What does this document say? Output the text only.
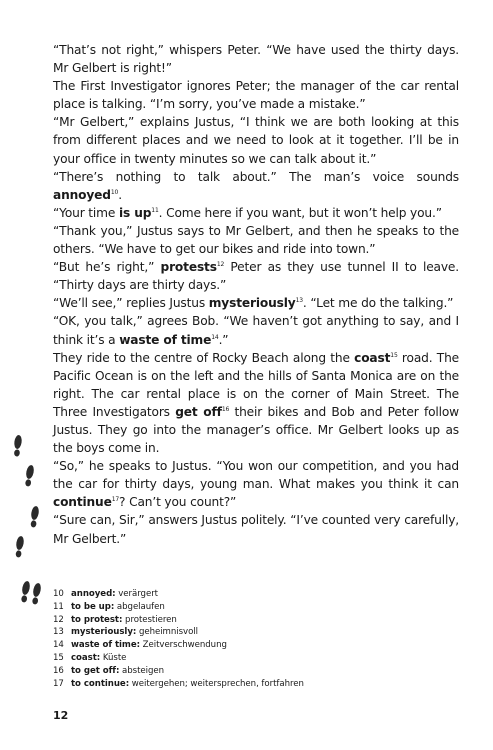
“That’s not right,” whispers Peter. “We have used the thirty days. Mr Gelbert is right!”

The First Investigator ignores Peter; the manager of the car rental place is talking. “I’m sorry, you’ve made a mistake.”

“Mr Gelbert,” explains Justus, “I think we are both looking at this from different places and we need to look at it together. I’ll be in your office in twenty minutes so we can talk about it.”

“There’s nothing to talk about.” The man’s voice sounds annoyed$^{10}$.

“Your time is $up^{11}$. Come here if you want, but it won’t help you.”

“Thank you,” Justus says to Mr Gelbert, and then he speaks to the others. “We have to get our bikes and ride into town.”

“But he’s right,” protests$^{12}$ Peter as they use tunnel II to leave. “Thirty days are thirty days.”

“We’ll see,” replies Justus mysteriously$^{13}$. “Let me do the talking.”

“OK, you talk,” agrees Bob. “We haven’t got anything to say, and I think it’s a waste of time$^{14}$.”

They ride to the centre of Rocky Beach along the coast$^{15}$ road. The Pacific Ocean is on the left and the hills of Santa Monica are on the right. The car rental place is on the corner of Main Street. The Three Investigators get off$^{16}$ their bikes and Bob and Peter follow Justus. They go into the manager’s office. Mr Gelbert looks up as the boys come in.

“So,” he speaks to Justus. “You won our competition, and you had the car for thirty days, young man. What makes you think it can continue$^{17}$? Can’t you count?”

“Sure can, Sir,” answers Justus politely. “I’ve counted very carefully, Mr Gelbert.”

10 annoyed: verärgert
11 to be up: abgelaufen
12 to protest: protestieren
13 mysteriously: geheimnisvoll
14 waste of time: Zeitverschwendung
15 coast: Küste
16 to get off: absteigen
17 to continue: weitergehen; weitersprechen, fortfahren
12
